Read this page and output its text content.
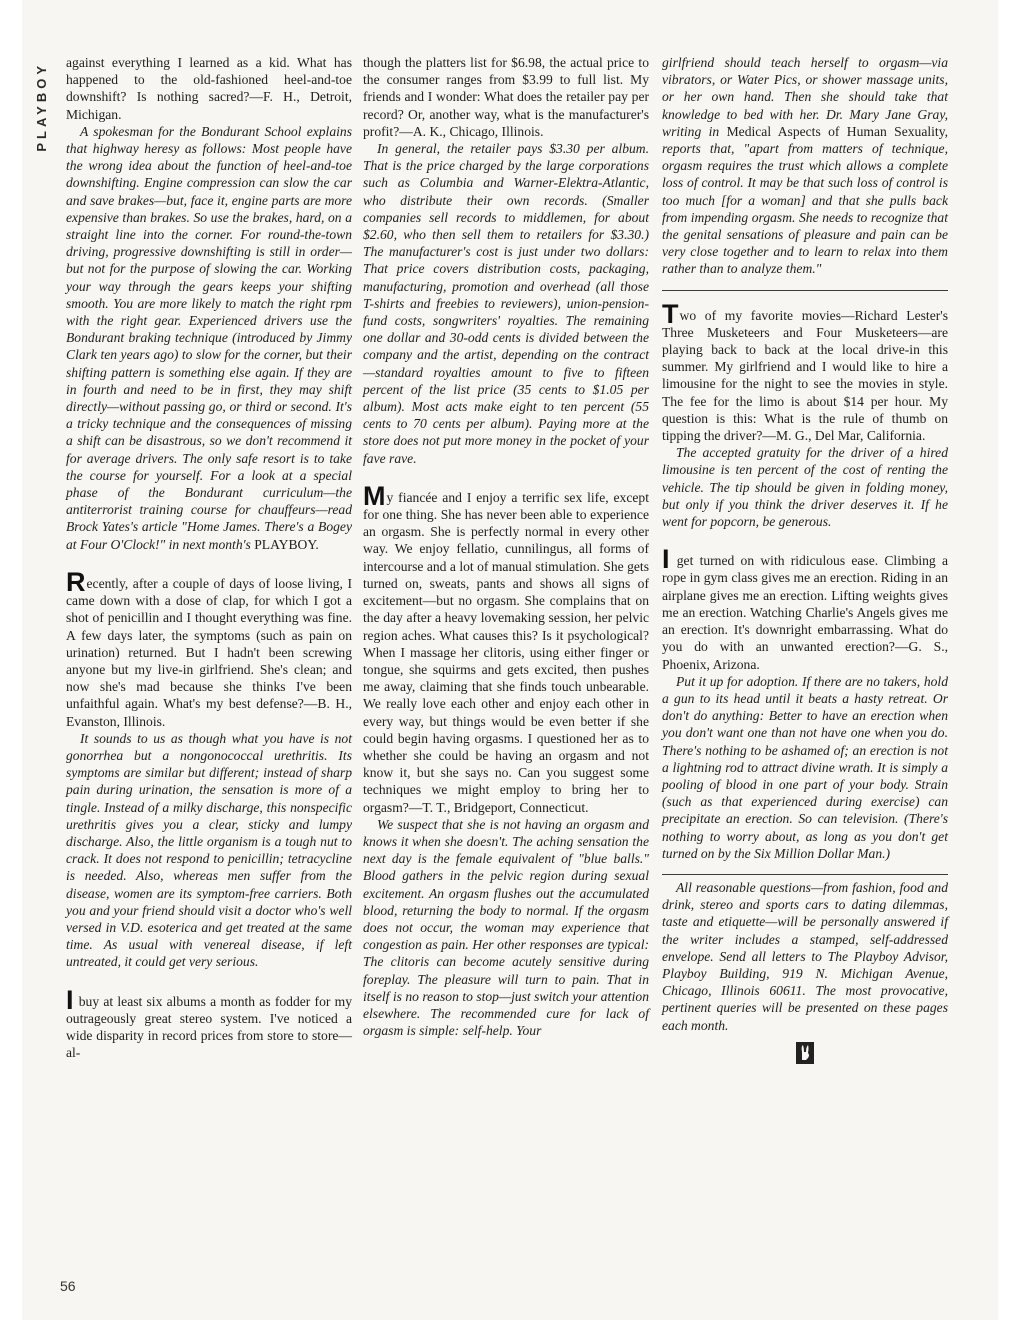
PLAYBOY	against everything I learned as a kid. What has happened to the old-fashioned heel-and-toe downshift? Is nothing sacred?—F. H., Detroit, Michigan.

A spokesman for the Bondurant School explains that highway heresy as follows: Most people have the wrong idea about the function of heel-and-toe downshifting. Engine compression can slow the car and save brakes—but, face it, engine parts are more expensive than brakes. So use the brakes, hard, on a straight line into the corner. For round-the-town driving, progressive downshifting is still in order—but not for the purpose of slowing the car. Working your way through the gears keeps your shifting smooth. You are more likely to match the right rpm with the right gear. Experienced drivers use the Bondurant braking technique (introduced by Jimmy Clark ten years ago) to slow for the corner, but their shifting pattern is something else again. If they are in fourth and need to be in first, they may shift directly—without passing go, or third or second. It's a tricky technique and the consequences of missing a shift can be disastrous, so we don't recommend it for average drivers. The only safe resort is to take the course for yourself. For a look at a special phase of the Bondurant curriculum—the antiterrorist training course for chauffeurs—read Brock Yates's article "Home James. There's a Bogey at Four O'Clock!" in next month's PLAYBOY.

Recently, after a couple of days of loose living, I came down with a dose of clap, for which I got a shot of penicillin and I thought everything was fine. A few days later, the symptoms (such as pain on urination) returned. But I hadn't been screwing anyone but my live-in girlfriend. She's clean; and now she's mad because she thinks I've been unfaithful again. What's my best defense?—B. H., Evanston, Illinois.

It sounds to us as though what you have is not gonorrhea but a nongonococcal urethritis. Its symptoms are similar but different; instead of sharp pain during urination, the sensation is more of a tingle. Instead of a milky discharge, this nonspecific urethritis gives you a clear, sticky and lumpy discharge. Also, the little organism is a tough nut to crack. It does not respond to penicillin; tetracycline is needed. Also, whereas men suffer from the disease, women are its symptom-free carriers. Both you and your friend should visit a doctor who's well versed in V.D. esoterica and get treated at the same time. As usual with venereal disease, if left untreated, it could get very serious.

I buy at least six albums a month as fodder for my outrageously great stereo system. I've noticed a wide disparity in record prices from store to store—al-

though the platters list for $6.98, the actual price to the consumer ranges from $3.99 to full list. My friends and I wonder: What does the retailer pay per record? Or, another way, what is the manufacturer's profit?—A. K., Chicago, Illinois.

In general, the retailer pays $3.30 per album. That is the price charged by the large corporations such as Columbia and Warner-Elektra-Atlantic, who distribute their own records. (Smaller companies sell records to middlemen, for about $2.60, who then sell them to retailers for $3.30.) The manufacturer's cost is just under two dollars: That price covers distribution costs, packaging, manufacturing, promotion and overhead (all those T-shirts and freebies to reviewers), union-pension-fund costs, songwriters' royalties. The remaining one dollar and 30-odd cents is divided between the company and the artist, depending on the contract—standard royalties amount to five to fifteen percent of the list price (35 cents to $1.05 per album). Most acts make eight to ten percent (55 cents to 70 cents per album). Paying more at the store does not put more money in the pocket of your fave rave.

My fiancée and I enjoy a terrific sex life, except for one thing. She has never been able to experience an orgasm. She is perfectly normal in every other way. We enjoy fellatio, cunnilingus, all forms of intercourse and a lot of manual stimulation. She gets turned on, sweats, pants and shows all signs of excitement—but no orgasm. She complains that on the day after a heavy lovemaking session, her pelvic region aches. What causes this? Is it psychological? When I massage her clitoris, using either finger or tongue, she squirms and gets excited, then pushes me away, claiming that she finds touch unbearable. We really love each other and enjoy each other in every way, but things would be even better if she could begin having orgasms. I questioned her as to whether she could be having an orgasm and not know it, but she says no. Can you suggest some techniques we might employ to bring her to orgasm?—T. T., Bridgeport, Connecticut.

We suspect that she is not having an orgasm and knows it when she doesn't. The aching sensation the next day is the female equivalent of "blue balls." Blood gathers in the pelvic region during sexual excitement. An orgasm flushes out the accumulated blood, returning the body to normal. If the orgasm does not occur, the woman may experience that congestion as pain. Her other responses are typical: The clitoris can become acutely sensitive during foreplay. The pleasure will turn to pain. That in itself is no reason to stop—just switch your attention elsewhere. The recommended cure for lack of orgasm is simple: self-help. Your

girlfriend should teach herself to orgasm—via vibrators, or Water Pics, or shower massage units, or her own hand. Then she should take that knowledge to bed with her. Dr. Mary Jane Gray, writing in Medical Aspects of Human Sexuality, reports that, "apart from matters of technique, orgasm requires the trust which allows a complete loss of control. It may be that such loss of control is too much [for a woman] and that she pulls back from impending orgasm. She needs to recognize that the genital sensations of pleasure and pain can be very close together and to learn to relax into them rather than to analyze them."

Two of my favorite movies—Richard Lester's Three Musketeers and Four Musketeers—are playing back to back at the local drive-in this summer. My girlfriend and I would like to hire a limousine for the night to see the movies in style. The fee for the limo is about $14 per hour. My question is this: What is the rule of thumb on tipping the driver?—M. G., Del Mar, California.

The accepted gratuity for the driver of a hired limousine is ten percent of the cost of renting the vehicle. The tip should be given in folding money, but only if you think the driver deserves it. If he went for popcorn, be generous.

I get turned on with ridiculous ease. Climbing a rope in gym class gives me an erection. Riding in an airplane gives me an erection. Lifting weights gives me an erection. Watching Charlie's Angels gives me an erection. It's downright embarrassing. What do you do with an unwanted erection?—G. S., Phoenix, Arizona.

Put it up for adoption. If there are no takers, hold a gun to its head until it beats a hasty retreat. Or don't do anything: Better to have an erection when you don't want one than not have one when you do. There's nothing to be ashamed of; an erection is not a lightning rod to attract divine wrath. It is simply a pooling of blood in one part of your body. Strain (such as that experienced during exercise) can precipitate an erection. So can television. (There's nothing to worry about, as long as you don't get turned on by the Six Million Dollar Man.)

All reasonable questions—from fashion, food and drink, stereo and sports cars to dating dilemmas, taste and etiquette—will be personally answered if the writer includes a stamped, self-addressed envelope. Send all letters to The Playboy Advisor, Playboy Building, 919 N. Michigan Avenue, Chicago, Illinois 60611. The most provocative, pertinent queries will be presented on these pages each month.

56
